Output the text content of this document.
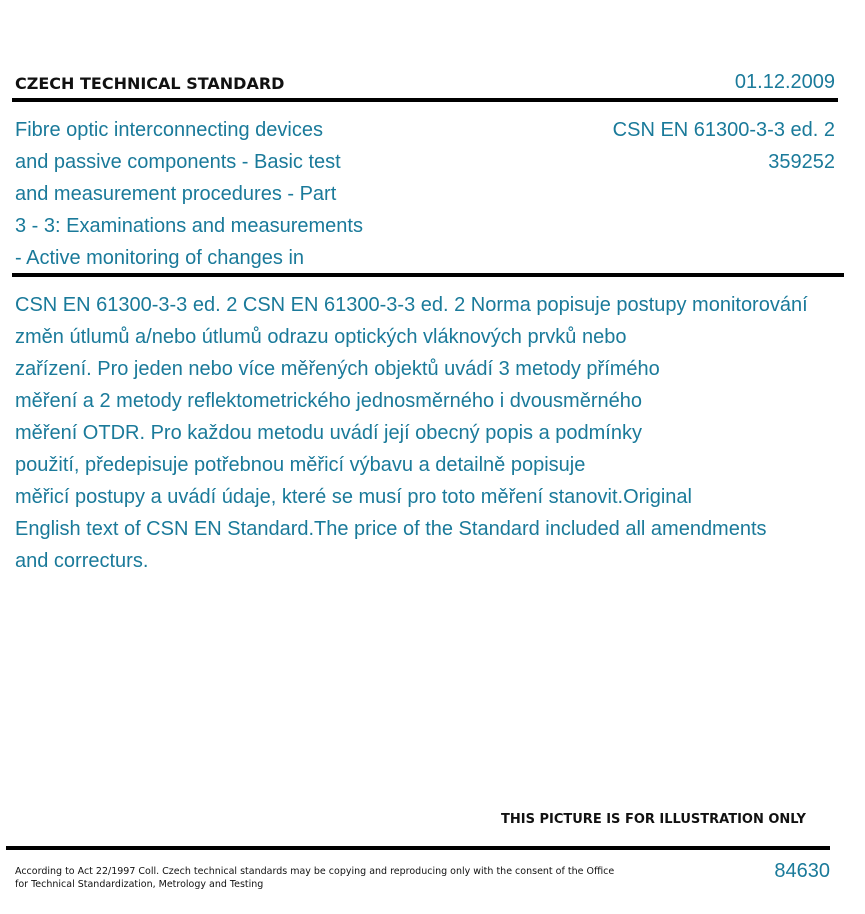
CZECH TECHNICAL STANDARD	01.12.2009
Fibre optic interconnecting devices
and passive components - Basic test
and measurement procedures - Part
3 - 3: Examinations and measurements
- Active monitoring of changes in
CSN EN 61300-3-3 ed. 2
359252
CSN EN 61300-3-3 ed. 2 CSN EN 61300-3-3 ed. 2 Norma popisuje postupy monitorování
změn útlumů a/nebo útlumů odrazu optických vláknových prvků nebo
zařízení. Pro jeden nebo více měřených objektů uvádí 3 metody přímého
měření a 2 metody reflektometrického jednosměrného i dvousměrného
měření OTDR. Pro každou metodu uvádí její obecný popis a podmínky
použití, předepisuje potřebnou měřicí výbavu a detailně popisuje
měřicí postupy a uvádí údaje, které se musí pro toto měření stanovit.Original
English text of CSN EN Standard.The price of the Standard included all amendments
and correcturs.
THIS PICTURE IS FOR ILLUSTRATION ONLY
According to Act 22/1997 Coll. Czech technical standards may be copying and reproducing only with the consent of the Office
for Technical Standardization, Metrology and Testing
84630
